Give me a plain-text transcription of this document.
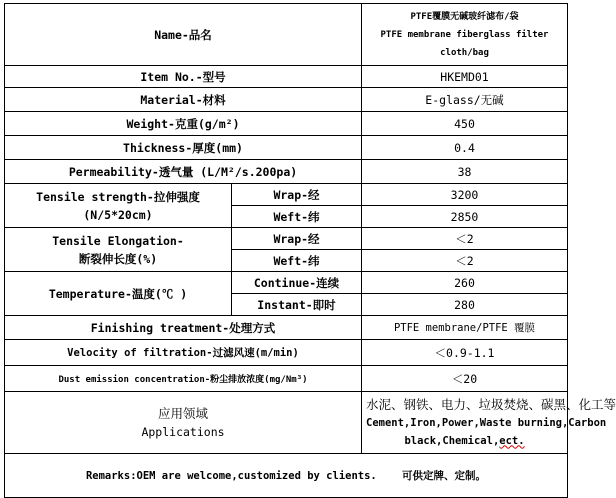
Name-品名		PTFE覆膜无碱玻纤滤布/袋
PTFE membrane fiberglass filter
cloth/bag

Item No.-型号		HKEMD01
Material-材料		E-glass/无碱
Weight-克重(g/m²)		450
Thickness-厚度(mm)		0.4
Permeability-透气量 (L/M²/s.200pa)		38

Tensile strength-拉伸强度
(N/5*20cm)	Wrap-经	3200
	Weft-纬	2850

Tensile Elongation-
断裂伸长度(%)	Wrap-经	＜2
	Weft-纬	＜2
Temperature-温度(℃ )	Continue-连续	260
	Instant-即时	280
Finishing treatment-处理方式		PTFE membrane/PTFE 覆膜
Velocity of filtration-过滤风速(m/min)		＜0.9-1.1
Dust emission concentration-粉尘排放浓度(mg/Nm³)		＜20

应用领域
Applications		水泥、钢铁、电力、垃圾焚烧、碳黑、化工等
Cement,Iron,Power,Waste burning,Carbon
black,Chemical,ect.

Remarks:OEM are welcome,customized by clients.    可供定牌、定制。		
